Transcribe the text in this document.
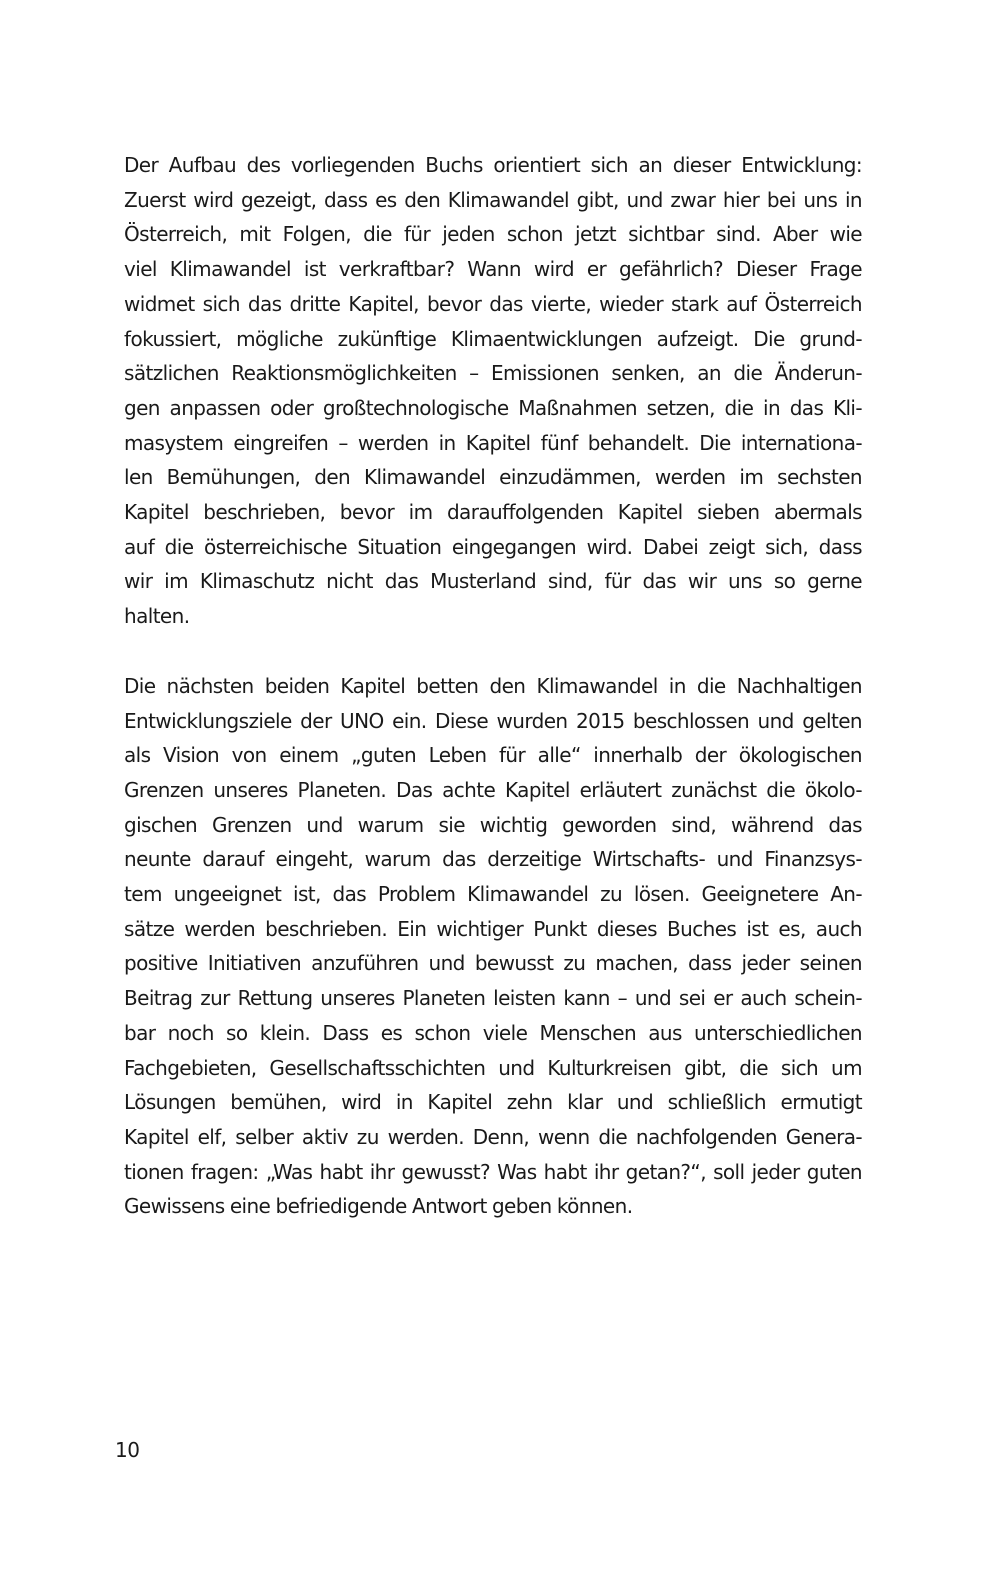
Der Aufbau des vorliegenden Buchs orientiert sich an dieser Entwicklung:
Zuerst wird gezeigt, dass es den Klimawandel gibt, und zwar hier bei uns in
Österreich, mit Folgen, die für jeden schon jetzt sichtbar sind. Aber wie
viel Klimawandel ist verkraftbar? Wann wird er gefährlich? Dieser Frage
widmet sich das dritte Kapitel, bevor das vierte, wieder stark auf Österreich
fokussiert, mögliche zukünftige Klimaentwicklungen aufzeigt. Die grund-
sätzlichen Reaktionsmöglichkeiten – Emissionen senken, an die Änderun-
gen anpassen oder großtechnologische Maßnahmen setzen, die in das Kli-
masystem eingreifen – werden in Kapitel fünf behandelt. Die internationa-
len Bemühungen, den Klimawandel einzudämmen, werden im sechsten
Kapitel beschrieben, bevor im darauffolgenden Kapitel sieben abermals
auf die österreichische Situation eingegangen wird. Dabei zeigt sich, dass
wir im Klimaschutz nicht das Musterland sind, für das wir uns so gerne
halten.

Die nächsten beiden Kapitel betten den Klimawandel in die Nachhaltigen
Entwicklungsziele der UNO ein. Diese wurden 2015 beschlossen und gelten
als Vision von einem „guten Leben für alle“ innerhalb der ökologischen
Grenzen unseres Planeten. Das achte Kapitel erläutert zunächst die ökolo-
gischen Grenzen und warum sie wichtig geworden sind, während das
neunte darauf eingeht, warum das derzeitige Wirtschafts- und Finanzsys-
tem ungeeignet ist, das Problem Klimawandel zu lösen. Geeignetere An-
sätze werden beschrieben. Ein wichtiger Punkt dieses Buches ist es, auch
positive Initiativen anzuführen und bewusst zu machen, dass jeder seinen
Beitrag zur Rettung unseres Planeten leisten kann – und sei er auch schein-
bar noch so klein. Dass es schon viele Menschen aus unterschiedlichen
Fachgebieten, Gesellschaftsschichten und Kulturkreisen gibt, die sich um
Lösungen bemühen, wird in Kapitel zehn klar und schließlich ermutigt
Kapitel elf, selber aktiv zu werden. Denn, wenn die nachfolgenden Genera-
tionen fragen: „Was habt ihr gewusst? Was habt ihr getan?“, soll jeder guten
Gewissens eine befriedigende Antwort geben können.

10
